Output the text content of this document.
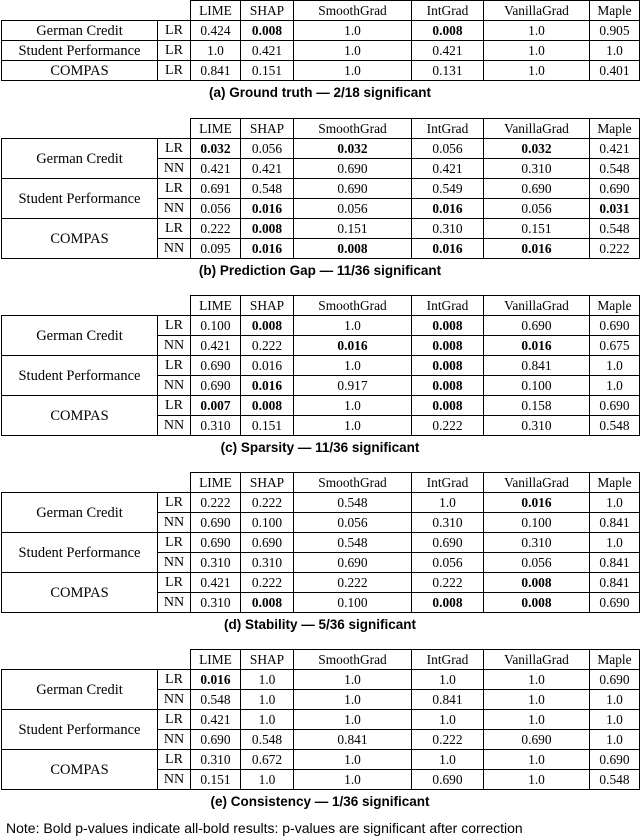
		LIME	SHAP	SmoothGrad	IntGrad	VanillaGrad	Maple
German Credit	LR	0.424	0.008	1.0	0.008	1.0	0.905
Student Performance	LR	1.0	0.421	1.0	0.421	1.0	1.0
COMPAS	LR	0.841	0.151	1.0	0.131	1.0	0.401
(a) Ground truth — 2/18 significant
		LIME	SHAP	SmoothGrad	IntGrad	VanillaGrad	Maple
German Credit	LR	0.032	0.056	0.032	0.056	0.032	0.421
	NN	0.421	0.421	0.690	0.421	0.310	0.548
Student Performance	LR	0.691	0.548	0.690	0.549	0.690	0.690
	NN	0.056	0.016	0.056	0.016	0.056	0.031
COMPAS	LR	0.222	0.008	0.151	0.310	0.151	0.548
	NN	0.095	0.016	0.008	0.016	0.016	0.222
(b) Prediction Gap — 11/36 significant
		LIME	SHAP	SmoothGrad	IntGrad	VanillaGrad	Maple
German Credit	LR	0.100	0.008	1.0	0.008	0.690	0.690
	NN	0.421	0.222	0.016	0.008	0.016	0.675
Student Performance	LR	0.690	0.016	1.0	0.008	0.841	1.0
	NN	0.690	0.016	0.917	0.008	0.100	1.0
COMPAS	LR	0.007	0.008	1.0	0.008	0.158	0.690
	NN	0.310	0.151	1.0	0.222	0.310	0.548
(c) Sparsity — 11/36 significant
		LIME	SHAP	SmoothGrad	IntGrad	VanillaGrad	Maple
German Credit	LR	0.222	0.222	0.548	1.0	0.016	1.0
	NN	0.690	0.100	0.056	0.310	0.100	0.841
Student Performance	LR	0.690	0.690	0.548	0.690	0.310	1.0
	NN	0.310	0.310	0.690	0.056	0.056	0.841
COMPAS	LR	0.421	0.222	0.222	0.222	0.008	0.841
	NN	0.310	0.008	0.100	0.008	0.008	0.690
(d) Stability — 5/36 significant
		LIME	SHAP	SmoothGrad	IntGrad	VanillaGrad	Maple
German Credit	LR	0.016	1.0	1.0	1.0	1.0	0.690
	NN	0.548	1.0	1.0	0.841	1.0	1.0
Student Performance	LR	0.421	1.0	1.0	1.0	1.0	1.0
	NN	0.690	0.548	0.841	0.222	0.690	1.0
COMPAS	LR	0.310	0.672	1.0	1.0	1.0	0.690
	NN	0.151	1.0	1.0	0.690	1.0	0.548
(e) Consistency — 1/36 significant
Note: Bold p-values indicate all-bold results: p-values are significant after correction
